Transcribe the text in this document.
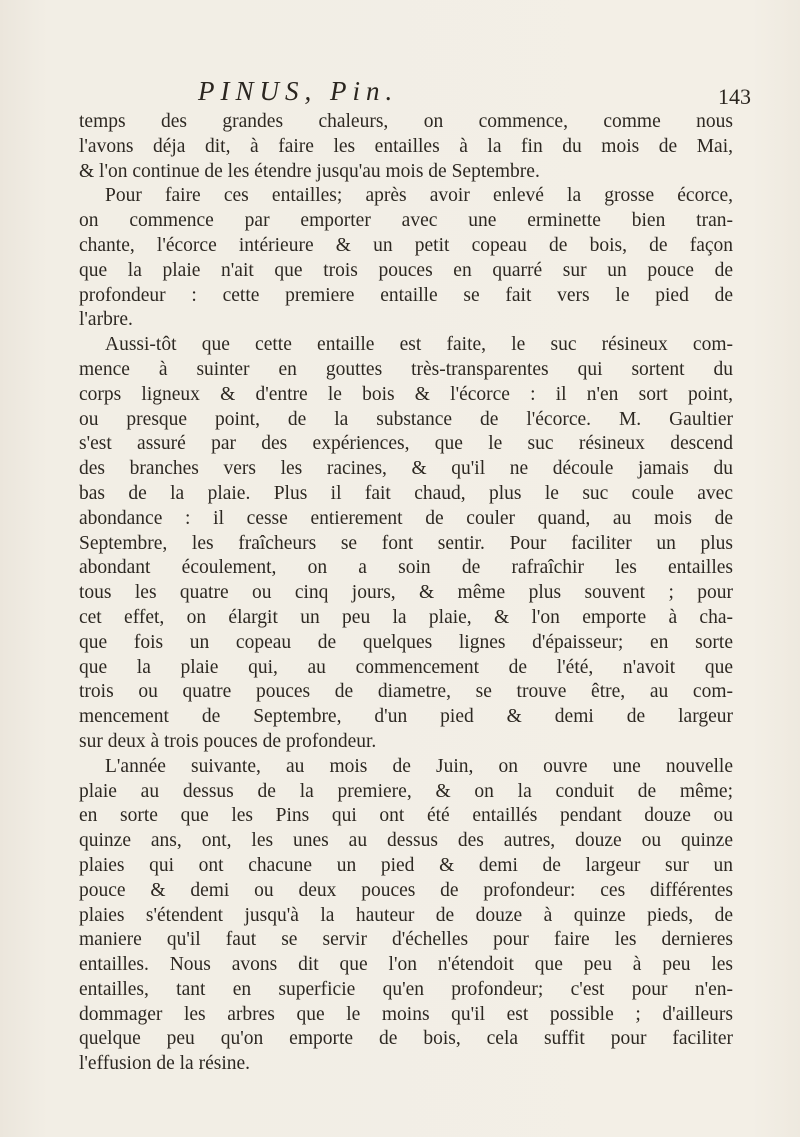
PINUS, Pin.	143

temps des grandes chaleurs, on commence, comme nous
l'avons déja dit, à faire les entailles à la fin du mois de Mai,
& l'on continue de les étendre jusqu'au mois de Septembre.

Pour faire ces entailles; après avoir enlevé la grosse écorce,
on commence par emporter avec une erminette bien tran-
chante, l'écorce intérieure & un petit copeau de bois, de façon
que la plaie n'ait que trois pouces en quarré sur un pouce de
profondeur : cette premiere entaille se fait vers le pied de
l'arbre.

Aussi-tôt que cette entaille est faite, le suc résineux com-
mence à suinter en gouttes très-transparentes qui sortent du
corps ligneux & d'entre le bois & l'écorce : il n'en sort point,
ou presque point, de la substance de l'écorce. M. Gaultier
s'est assuré par des expériences, que le suc résineux descend
des branches vers les racines, & qu'il ne découle jamais du
bas de la plaie. Plus il fait chaud, plus le suc coule avec
abondance : il cesse entierement de couler quand, au mois de
Septembre, les fraîcheurs se font sentir. Pour faciliter un plus
abondant écoulement, on a soin de rafraîchir les entailles
tous les quatre ou cinq jours, & même plus souvent ; pour
cet effet, on élargit un peu la plaie, & l'on emporte à cha-
que fois un copeau de quelques lignes d'épaisseur; en sorte
que la plaie qui, au commencement de l'été, n'avoit que
trois ou quatre pouces de diametre, se trouve être, au com-
mencement de Septembre, d'un pied & demi de largeur
sur deux à trois pouces de profondeur.

L'année suivante, au mois de Juin, on ouvre une nouvelle
plaie au dessus de la premiere, & on la conduit de même;
en sorte que les Pins qui ont été entaillés pendant douze ou
quinze ans, ont, les unes au dessus des autres, douze ou quinze
plaies qui ont chacune un pied & demi de largeur sur un
pouce & demi ou deux pouces de profondeur: ces différentes
plaies s'étendent jusqu'à la hauteur de douze à quinze pieds, de
maniere qu'il faut se servir d'échelles pour faire les dernieres
entailles. Nous avons dit que l'on n'étendoit que peu à peu les
entailles, tant en superficie qu'en profondeur; c'est pour n'en-
dommager les arbres que le moins qu'il est possible ; d'ailleurs
quelque peu qu'on emporte de bois, cela suffit pour faciliter
l'effusion de la résine.
